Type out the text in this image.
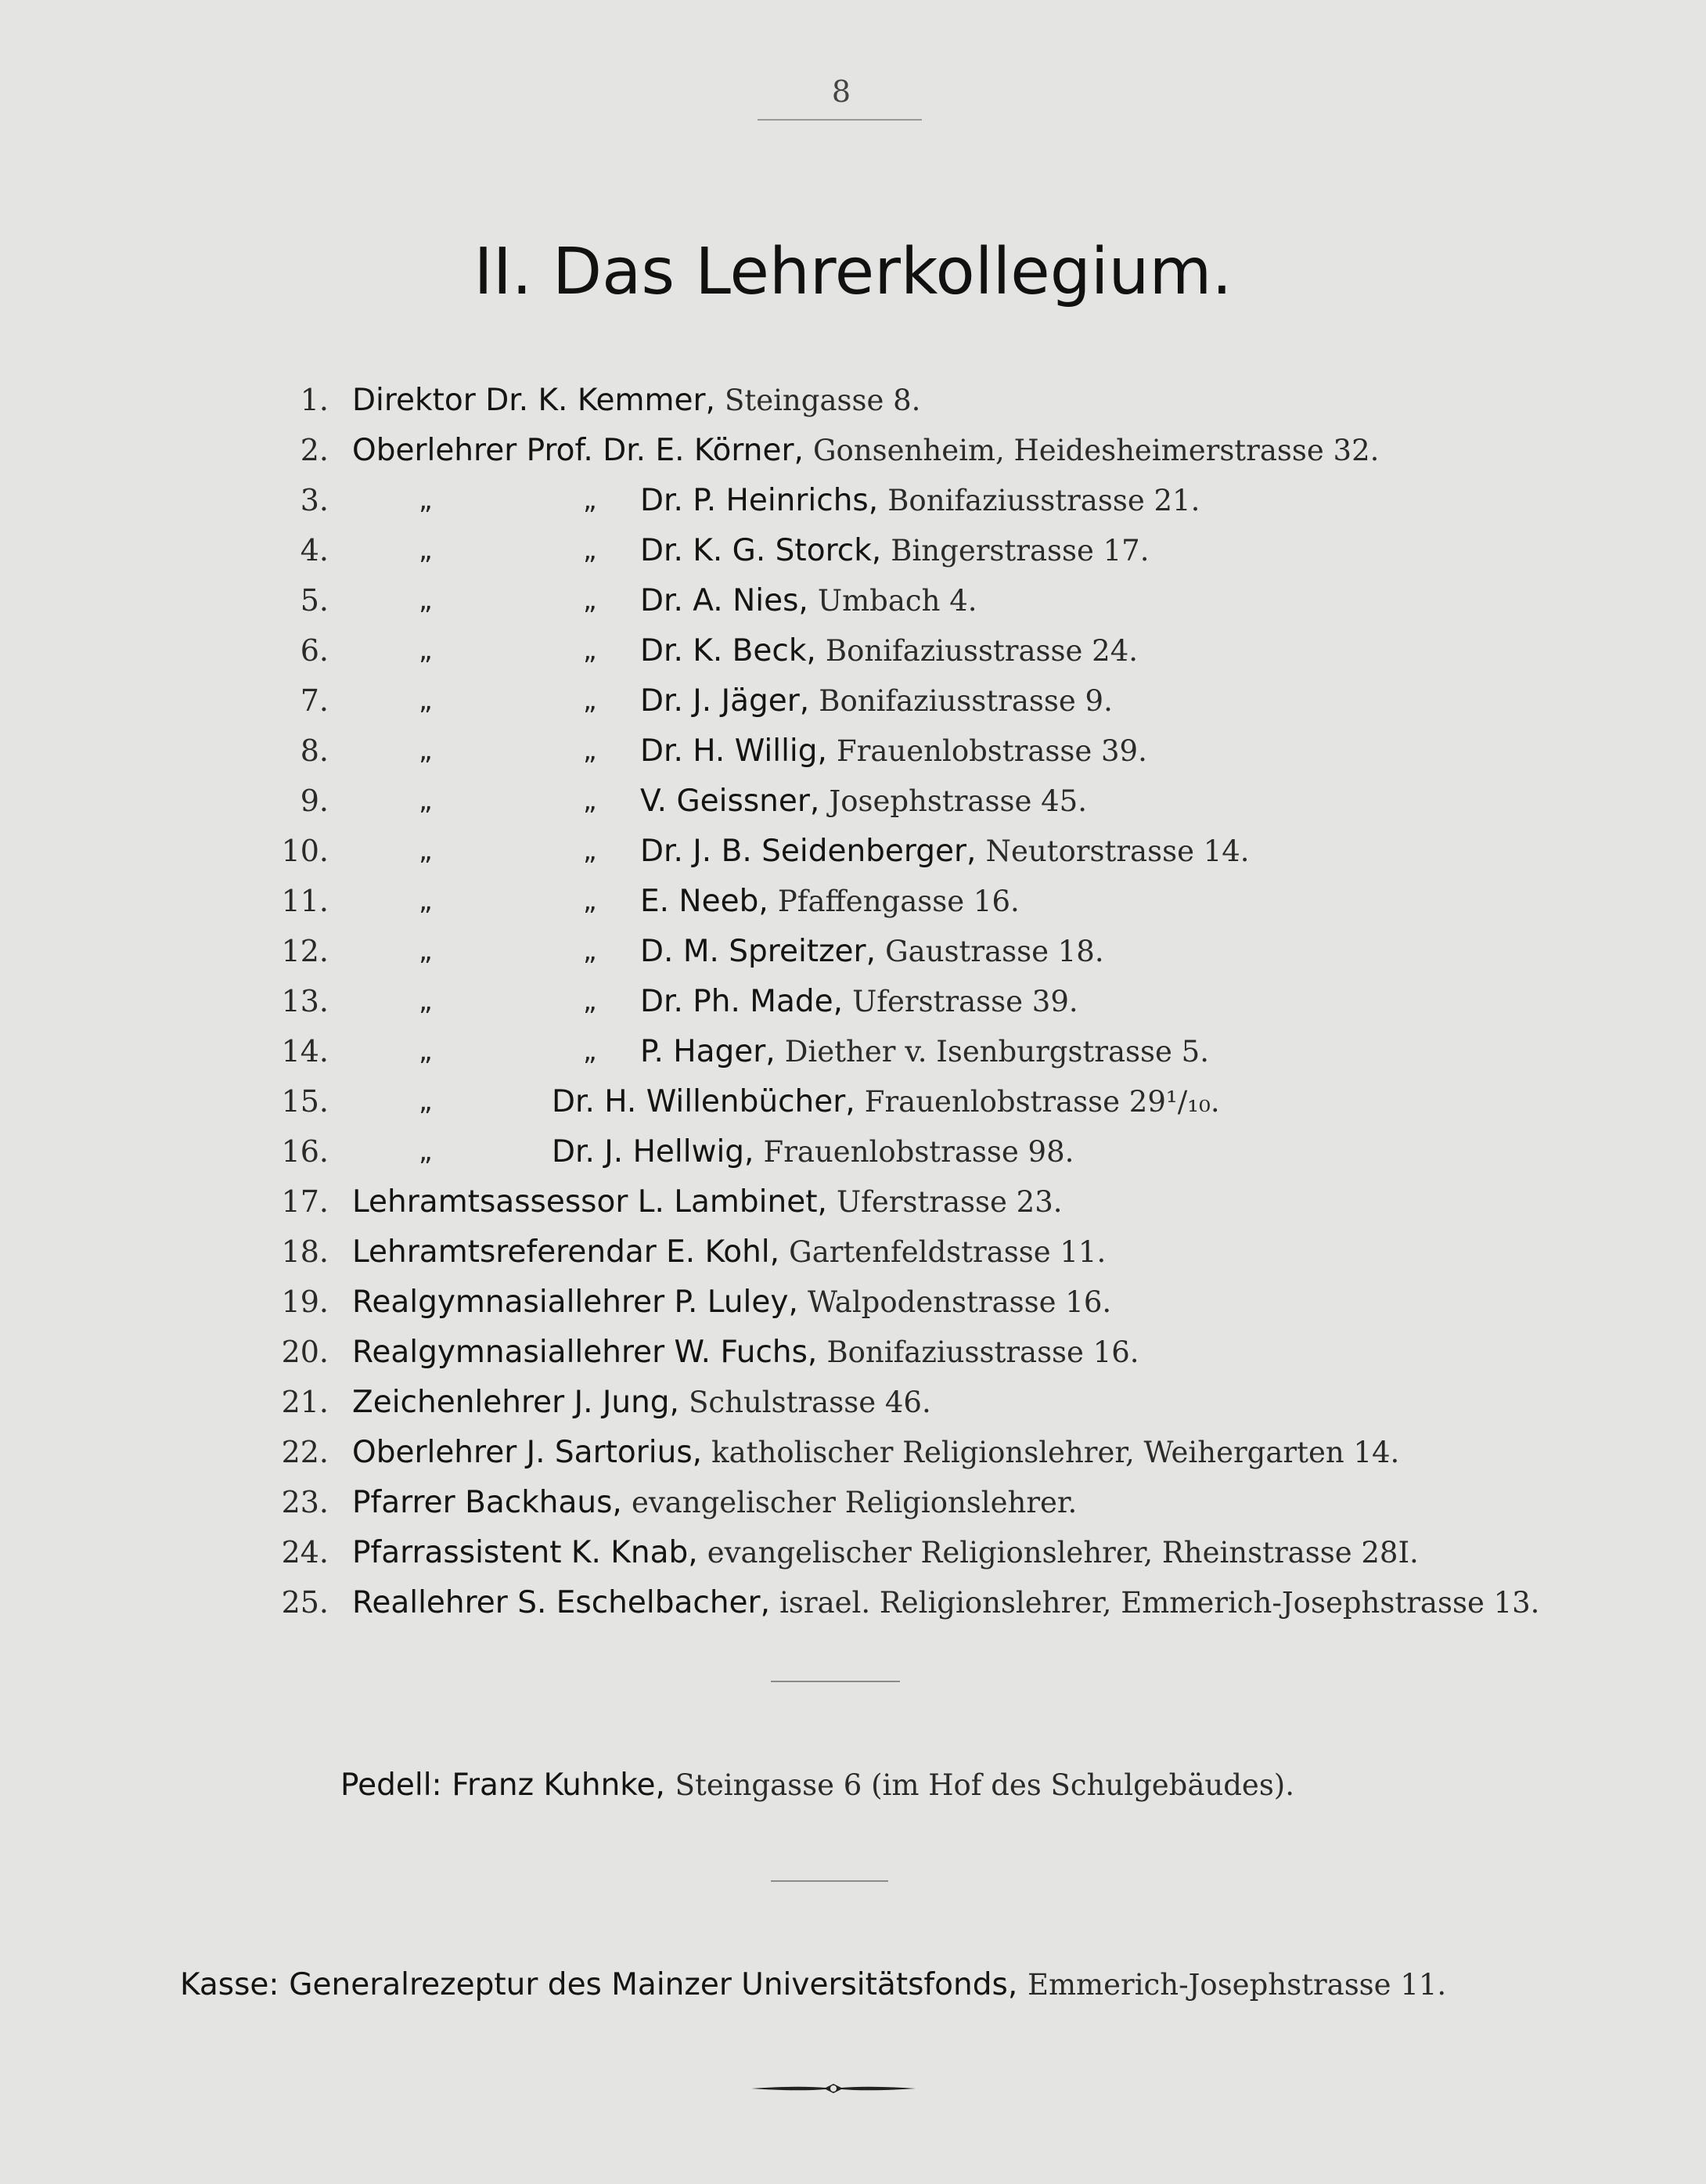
8
II. Das Lehrerkollegium.
1. Direktor Dr. K. Kemmer, Steingasse 8.
2. Oberlehrer Prof. Dr. E. Körner, Gonsenheim, Heidesheimerstrasse 32.
3.	„	„ Dr. P. Heinrichs, Bonifaziusstrasse 21.
4.	„	„ Dr. K. G. Storck, Bingerstrasse 17.
5.	„	„ Dr. A. Nies, Umbach 4.
6.	„	„ Dr. K. Beck, Bonifaziusstrasse 24.
7.	„	„ Dr. J. Jäger, Bonifaziusstrasse 9.
8.	„	„ Dr. H. Willig, Frauenlobstrasse 39.
9.	„	„ V. Geissner, Josephstrasse 45.
10.	„	„ Dr. J. B. Seidenberger, Neutorstrasse 14.
11.	„	„ E. Neeb, Pfaffengasse 16.
12.	„	„ D. M. Spreitzer, Gaustrasse 18.
13.	„	„ Dr. Ph. Made, Uferstrasse 39.
14.	„	„ P. Hager, Diether v. Isenburgstrasse 5.
15.	„	Dr. H. Willenbücher, Frauenlobstrasse 29¹/₁₀.
16.	„	Dr. J. Hellwig, Frauenlobstrasse 98.
17. Lehramtsassessor L. Lambinet, Uferstrasse 23.
18. Lehramtsreferendar E. Kohl, Gartenfeldstrasse 11.
19. Realgymnasiallehrer P. Luley, Walpodenstrasse 16.
20. Realgymnasiallehrer W. Fuchs, Bonifaziusstrasse 16.
21. Zeichenlehrer J. Jung, Schulstrasse 46.
22. Oberlehrer J. Sartorius, katholischer Religionslehrer, Weihergarten 14.
23. Pfarrer Backhaus, evangelischer Religionslehrer.
24. Pfarrassistent K. Knab, evangelischer Religionslehrer, Rheinstrasse 28I.
25. Reallehrer S. Eschelbacher, israel. Religionslehrer, Emmerich-Josephstrasse 13.
Pedell: Franz Kuhnke, Steingasse 6 (im Hof des Schulgebäudes).
Kasse: Generalrezeptur des Mainzer Universitätsfonds, Emmerich-Josephstrasse 11.
